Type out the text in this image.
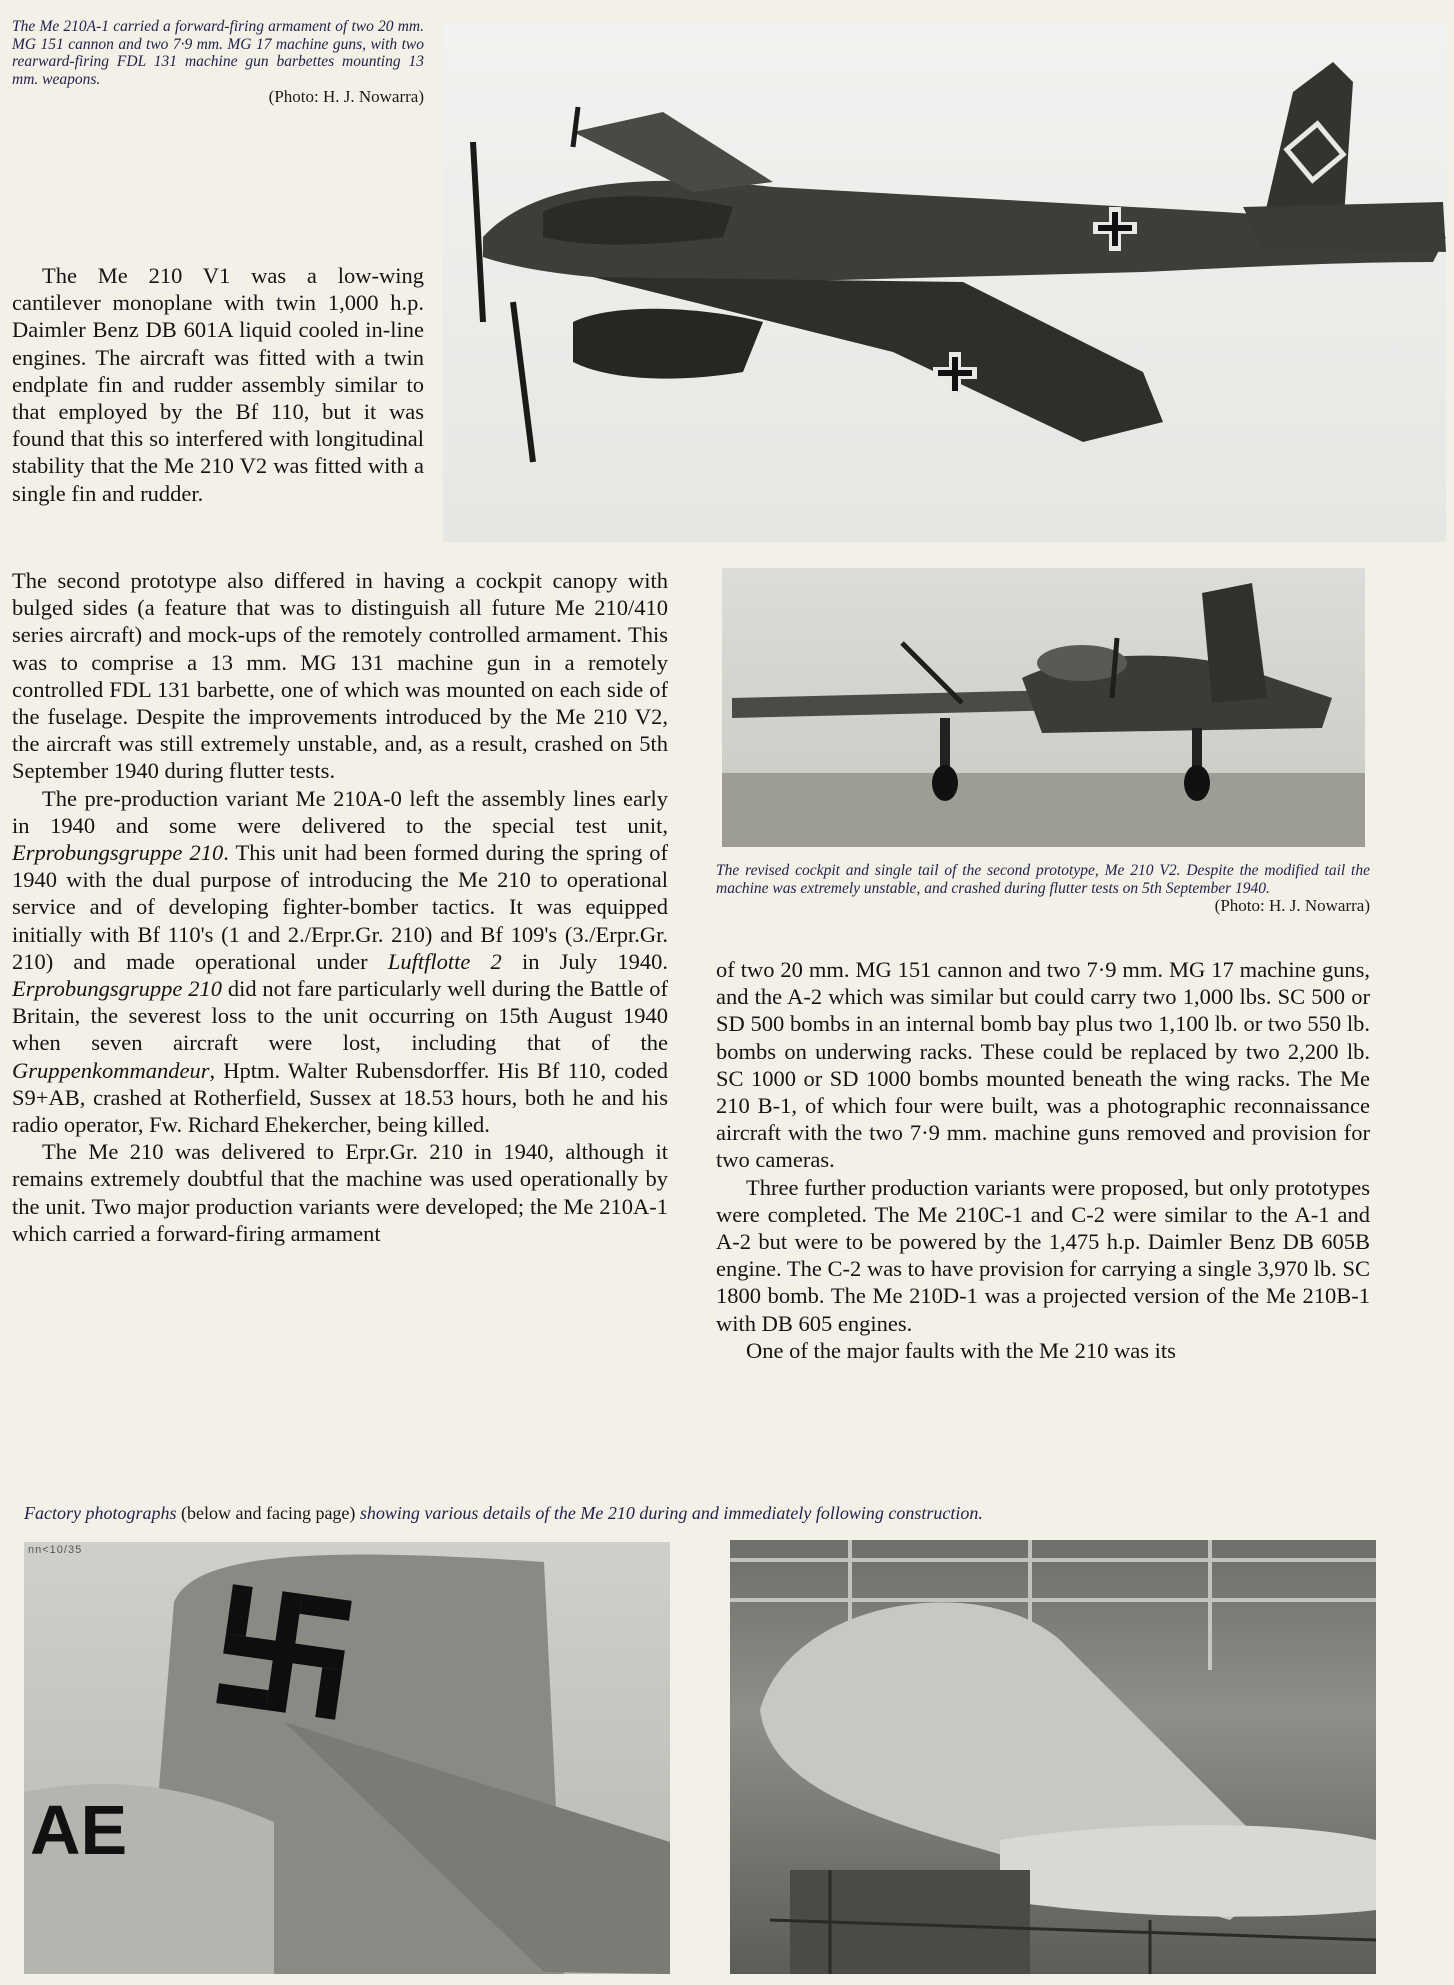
The Me 210A-1 carried a forward-firing armament of two 20 mm. MG 151 cannon and two 7·9 mm. MG 17 machine guns, with two rearward-firing FDL 131 machine gun barbettes mounting 13 mm. weapons.
(Photo: H. J. Nowarra)

The Me 210 V1 was a low-wing cantilever monoplane with twin 1,000 h.p. Daimler Benz DB 601A liquid cooled in-line engines. The aircraft was fitted with a twin endplate fin and rudder assembly similar to that employed by the Bf 110, but it was found that this so interfered with longitudinal stability that the Me 210 V2 was fitted with a single fin and rudder.

The revised cockpit and single tail of the second prototype, Me 210 V2. Despite the modified tail the machine was extremely unstable, and crashed during flutter tests on 5th September 1940.
(Photo: H. J. Nowarra)

The second prototype also differed in having a cockpit canopy with bulged sides (a feature that was to distinguish all future Me 210/410 series aircraft) and mock-ups of the remotely controlled armament. This was to comprise a 13 mm. MG 131 machine gun in a remotely controlled FDL 131 barbette, one of which was mounted on each side of the fuselage. Despite the improvements introduced by the Me 210 V2, the aircraft was still extremely unstable, and, as a result, crashed on 5th September 1940 during flutter tests.

The pre-production variant Me 210A-0 left the assembly lines early in 1940 and some were delivered to the special test unit, Erprobungsgruppe 210. This unit had been formed during the spring of 1940 with the dual purpose of introducing the Me 210 to operational service and of developing fighter-bomber tactics. It was equipped initially with Bf 110's (1 and 2./Erpr.Gr. 210) and Bf 109's (3./Erpr.Gr. 210) and made operational under Luftflotte 2 in July 1940. Erprobungsgruppe 210 did not fare particularly well during the Battle of Britain, the severest loss to the unit occurring on 15th August 1940 when seven aircraft were lost, including that of the Gruppenkommandeur, Hptm. Walter Rubensdorffer. His Bf 110, coded S9+AB, crashed at Rotherfield, Sussex at 18.53 hours, both he and his radio operator, Fw. Richard Ehekercher, being killed.

The Me 210 was delivered to Erpr.Gr. 210 in 1940, although it remains extremely doubtful that the machine was used operationally by the unit. Two major production variants were developed; the Me 210A-1 which carried a forward-firing armament

of two 20 mm. MG 151 cannon and two 7·9 mm. MG 17 machine guns, and the A-2 which was similar but could carry two 1,000 lbs. SC 500 or SD 500 bombs in an internal bomb bay plus two 1,100 lb. or two 550 lb. bombs on underwing racks. These could be replaced by two 2,200 lb. SC 1000 or SD 1000 bombs mounted beneath the wing racks. The Me 210 B-1, of which four were built, was a photographic reconnaissance aircraft with the two 7·9 mm. machine guns removed and provision for two cameras.

Three further production variants were proposed, but only prototypes were completed. The Me 210C-1 and C-2 were similar to the A-1 and A-2 but were to be powered by the 1,475 h.p. Daimler Benz DB 605B engine. The C-2 was to have provision for carrying a single 3,970 lb. SC 1800 bomb. The Me 210D-1 was a projected version of the Me 210B-1 with DB 605 engines.

One of the major faults with the Me 210 was its

Factory photographs (below and facing page) showing various details of the Me 210 during and immediately following construction.

nn<10/35
AE
